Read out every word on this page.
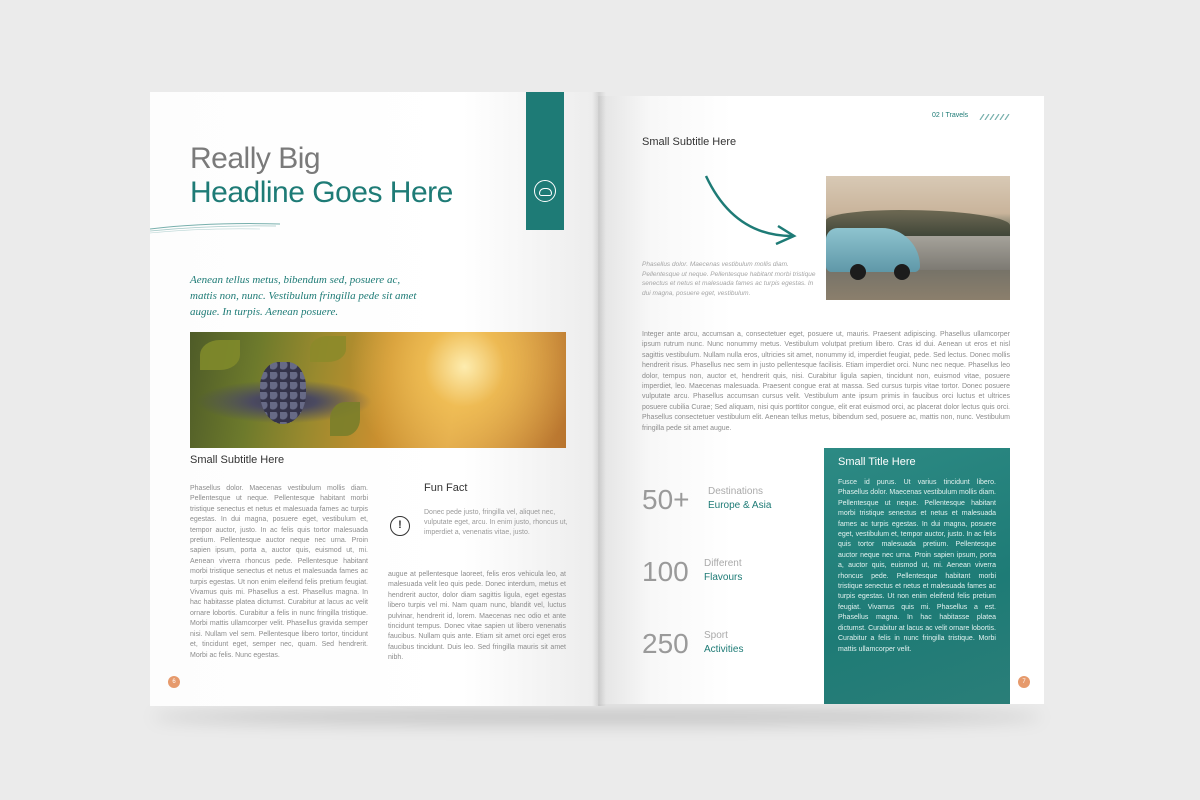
Really Big
Headline Goes Here
Aenean tellus metus, bibendum sed, posuere ac, mattis non, nunc. Vestibulum fringilla pede sit amet augue. In turpis. Aenean posuere.
Small Subtitle Here
Phasellus dolor. Maecenas vestibulum mollis diam. Pellentesque ut neque. Pellentesque habitant morbi tristique senectus et netus et malesuada fames ac turpis egestas. In dui magna, posuere eget, vestibulum et, tempor auctor, justo. In ac felis quis tortor malesuada pretium. Pellentesque auctor neque nec urna. Proin sapien ipsum, porta a, auctor quis, euismod ut, mi. Aenean viverra rhoncus pede. Pellentesque habitant morbi tristique senectus et netus et malesuada fames ac turpis egestas. Ut non enim eleifend felis pretium feugiat. Vivamus quis mi. Phasellus a est. Phasellus magna. In hac habitasse platea dictumst. Curabitur at lacus ac velit ornare lobortis. Curabitur a felis in nunc fringilla tristique. Morbi mattis ullamcorper velit. Phasellus gravida semper nisi. Nullam vel sem. Pellentesque libero tortor, tincidunt et, tincidunt eget, semper nec, quam. Sed hendrerit. Morbi ac felis. Nunc egestas.
Fun Fact
!
Donec pede justo, fringilla vel, aliquet nec, vulputate eget, arcu. In enim justo, rhoncus ut, imperdiet a, venenatis vitae, justo.
augue at pellentesque laoreet, felis eros vehicula leo, at malesuada velit leo quis pede. Donec interdum, metus et hendrerit auctor, dolor diam sagittis ligula, eget egestas libero turpis vel mi. Nam quam nunc, blandit vel, luctus pulvinar, hendrerit id, lorem. Maecenas nec odio et ante tincidunt tempus. Donec vitae sapien ut libero venenatis faucibus. Nullam quis ante. Etiam sit amet orci eget eros faucibus tincidunt. Duis leo. Sed fringilla mauris sit amet nibh.
6
02 I Travels
Small Subtitle Here
Phasellus dolor. Maecenas vestibulum mollis diam. Pellentesque ut neque. Pellentesque habitant morbi tristique senectus et netus et malesuada fames ac turpis egestas. In dui magna, posuere eget, vestibulum.
Integer ante arcu, accumsan a, consectetuer eget, posuere ut, mauris. Praesent adipiscing. Phasellus ullamcorper ipsum rutrum nunc. Nunc nonummy metus. Vestibulum volutpat pretium libero. Cras id dui. Aenean ut eros et nisl sagittis vestibulum. Nullam nulla eros, ultricies sit amet, nonummy id, imperdiet feugiat, pede. Sed lectus. Donec mollis hendrerit risus. Phasellus nec sem in justo pellentesque facilisis. Etiam imperdiet orci. Nunc nec neque. Phasellus leo dolor, tempus non, auctor et, hendrerit quis, nisi. Curabitur ligula sapien, tincidunt non, euismod vitae, posuere imperdiet, leo. Maecenas malesuada. Praesent congue erat at massa. Sed cursus turpis vitae tortor. Donec posuere vulputate arcu. Phasellus accumsan cursus velit. Vestibulum ante ipsum primis in faucibus orci luctus et ultrices posuere cubilia Curae; Sed aliquam, nisi quis porttitor congue, elit erat euismod orci, ac placerat dolor lectus quis orci. Phasellus consectetuer vestibulum elit. Aenean tellus metus, bibendum sed, posuere ac, mattis non, nunc. Vestibulum fringilla pede sit amet augue.
50+ Destinations
Europe & Asia
100 Different
Flavours
250 Sport
Activities
Small Title Here
Fusce id purus. Ut varius tincidunt libero. Phasellus dolor. Maecenas vestibulum mollis diam. Pellentesque ut neque. Pellentesque habitant morbi tristique senectus et netus et malesuada fames ac turpis egestas. In dui magna, posuere eget, vestibulum et, tempor auctor, justo. In ac felis quis tortor malesuada pretium. Pellentesque auctor neque nec urna. Proin sapien ipsum, porta a, auctor quis, euismod ut, mi. Aenean viverra rhoncus pede. Pellentesque habitant morbi tristique senectus et netus et malesuada fames ac turpis egestas. Ut non enim eleifend felis pretium feugiat. Vivamus quis mi. Phasellus a est. Phasellus magna. In hac habitasse platea dictumst. Curabitur at lacus ac velit ornare lobortis. Curabitur a felis in nunc fringilla tristique. Morbi mattis ullamcorper velit.
7
